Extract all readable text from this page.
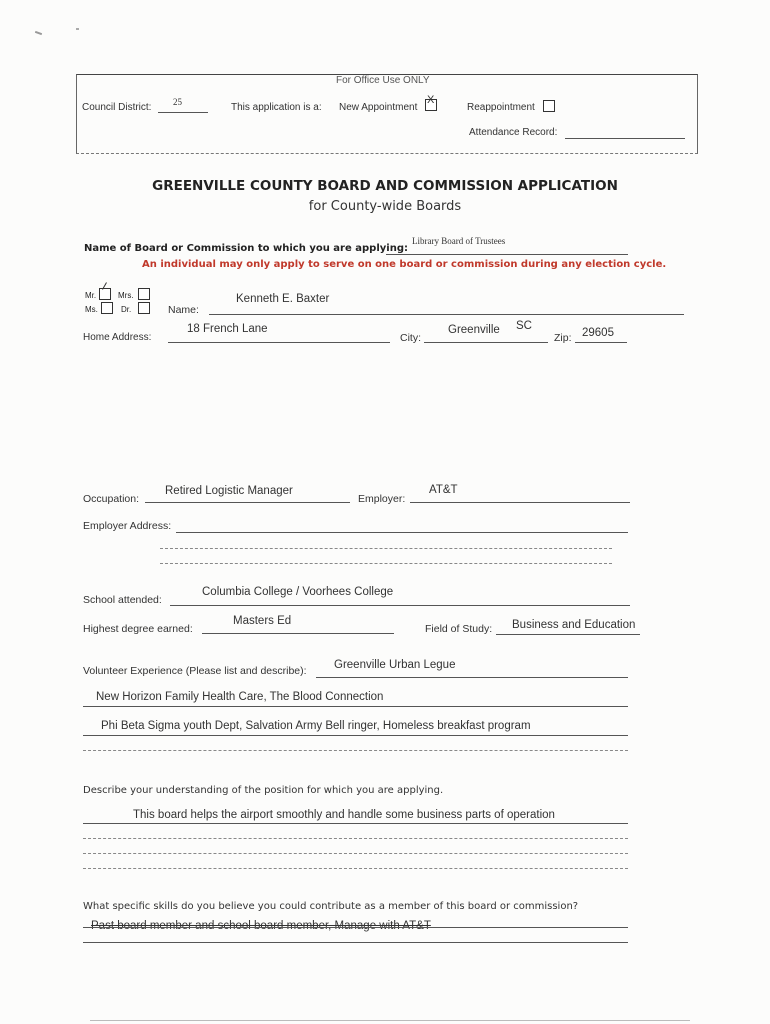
For Office Use ONLY
Council District: 25	This application is a: New Appointment
X
Reappointment
Attendance Record:
GREENVILLE COUNTY BOARD AND COMMISSION APPLICATION
for County-wide Boards
Name of Board or Commission to which you are applying:
Library Board of Trustees
An individual may only apply to serve on one board or commission during any election cycle.
Mr.	Mrs.
Ms.	Dr.	Name:
Kenneth E. Baxter
Home Address:
18 French Lane
City:
Greenville SC
Zip: 29605
Occupation:
Retired Logistic Manager
Employer:
AT&T
Employer Address:
School attended:
Columbia College / Voorhees College
Highest degree earned:
Masters Ed
Field of Study: Business and Education
Volunteer Experience (Please list and describe): Greenville Urban Legue
New Horizon Family Health Care, The Blood Connection
Phi Beta Sigma youth Dept, Salvation Army Bell ringer, Homeless breakfast program
Describe your understanding of the position for which you are applying.
This board helps the airport smoothly and handle some business parts of operation
What specific skills do you believe you could contribute as a member of this board or commission?
Past board member and school board member, Manage with AT&T
